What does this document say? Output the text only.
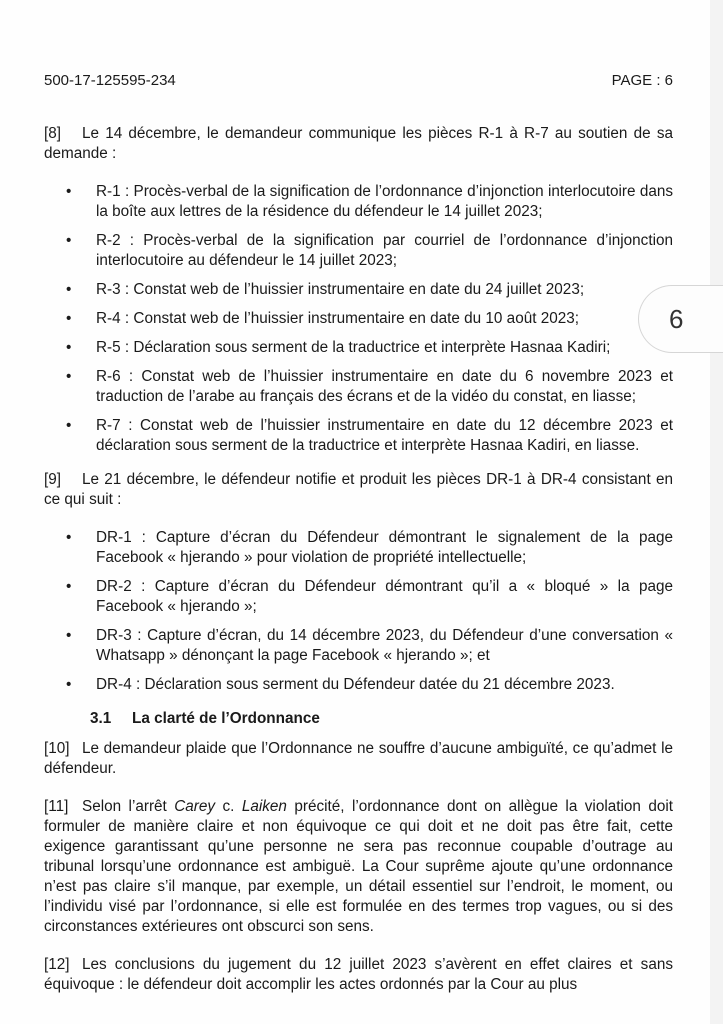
500-17-125595-234	PAGE : 6

[8] Le 14 décembre, le demandeur communique les pièces R-1 à R-7 au soutien de sa demande :

• R-1 : Procès-verbal de la signification de l’ordonnance d’injonction interlocutoire dans la boîte aux lettres de la résidence du défendeur le 14 juillet 2023;
• R-2 : Procès-verbal de la signification par courriel de l’ordonnance d’injonction interlocutoire au défendeur le 14 juillet 2023;
• R-3 : Constat web de l’huissier instrumentaire en date du 24 juillet 2023;
• R-4 : Constat web de l’huissier instrumentaire en date du 10 août 2023;
• R-5 : Déclaration sous serment de la traductrice et interprète Hasnaa Kadiri;
• R-6 : Constat web de l’huissier instrumentaire en date du 6 novembre 2023 et traduction de l’arabe au français des écrans et de la vidéo du constat, en liasse;
• R-7 : Constat web de l’huissier instrumentaire en date du 12 décembre 2023 et déclaration sous serment de la traductrice et interprète Hasnaa Kadiri, en liasse.

[9] Le 21 décembre, le défendeur notifie et produit les pièces DR-1 à DR-4 consistant en ce qui suit :

• DR-1 : Capture d’écran du Défendeur démontrant le signalement de la page Facebook « hjerando » pour violation de propriété intellectuelle;
• DR-2 : Capture d’écran du Défendeur démontrant qu’il a « bloqué » la page Facebook « hjerando »;
• DR-3 : Capture d’écran, du 14 décembre 2023, du Défendeur d’une conversation « Whatsapp » dénonçant la page Facebook « hjerando »; et
• DR-4 : Déclaration sous serment du Défendeur datée du 21 décembre 2023.
3.1 La clarté de l’Ordonnance

[10] Le demandeur plaide que l’Ordonnance ne souffre d’aucune ambiguïté, ce qu’admet le défendeur.

[11] Selon l’arrêt Carey c. Laiken précité, l’ordonnance dont on allègue la violation doit formuler de manière claire et non équivoque ce qui doit et ne doit pas être fait, cette exigence garantissant qu’une personne ne sera pas reconnue coupable d’outrage au tribunal lorsqu’une ordonnance est ambiguë. La Cour suprême ajoute qu’une ordonnance n’est pas claire s’il manque, par exemple, un détail essentiel sur l’endroit, le moment, ou l’individu visé par l’ordonnance, si elle est formulée en des termes trop vagues, ou si des circonstances extérieures ont obscurci son sens.

[12] Les conclusions du jugement du 12 juillet 2023 s’avèrent en effet claires et sans équivoque : le défendeur doit accomplir les actes ordonnés par la Cour au plus

6
